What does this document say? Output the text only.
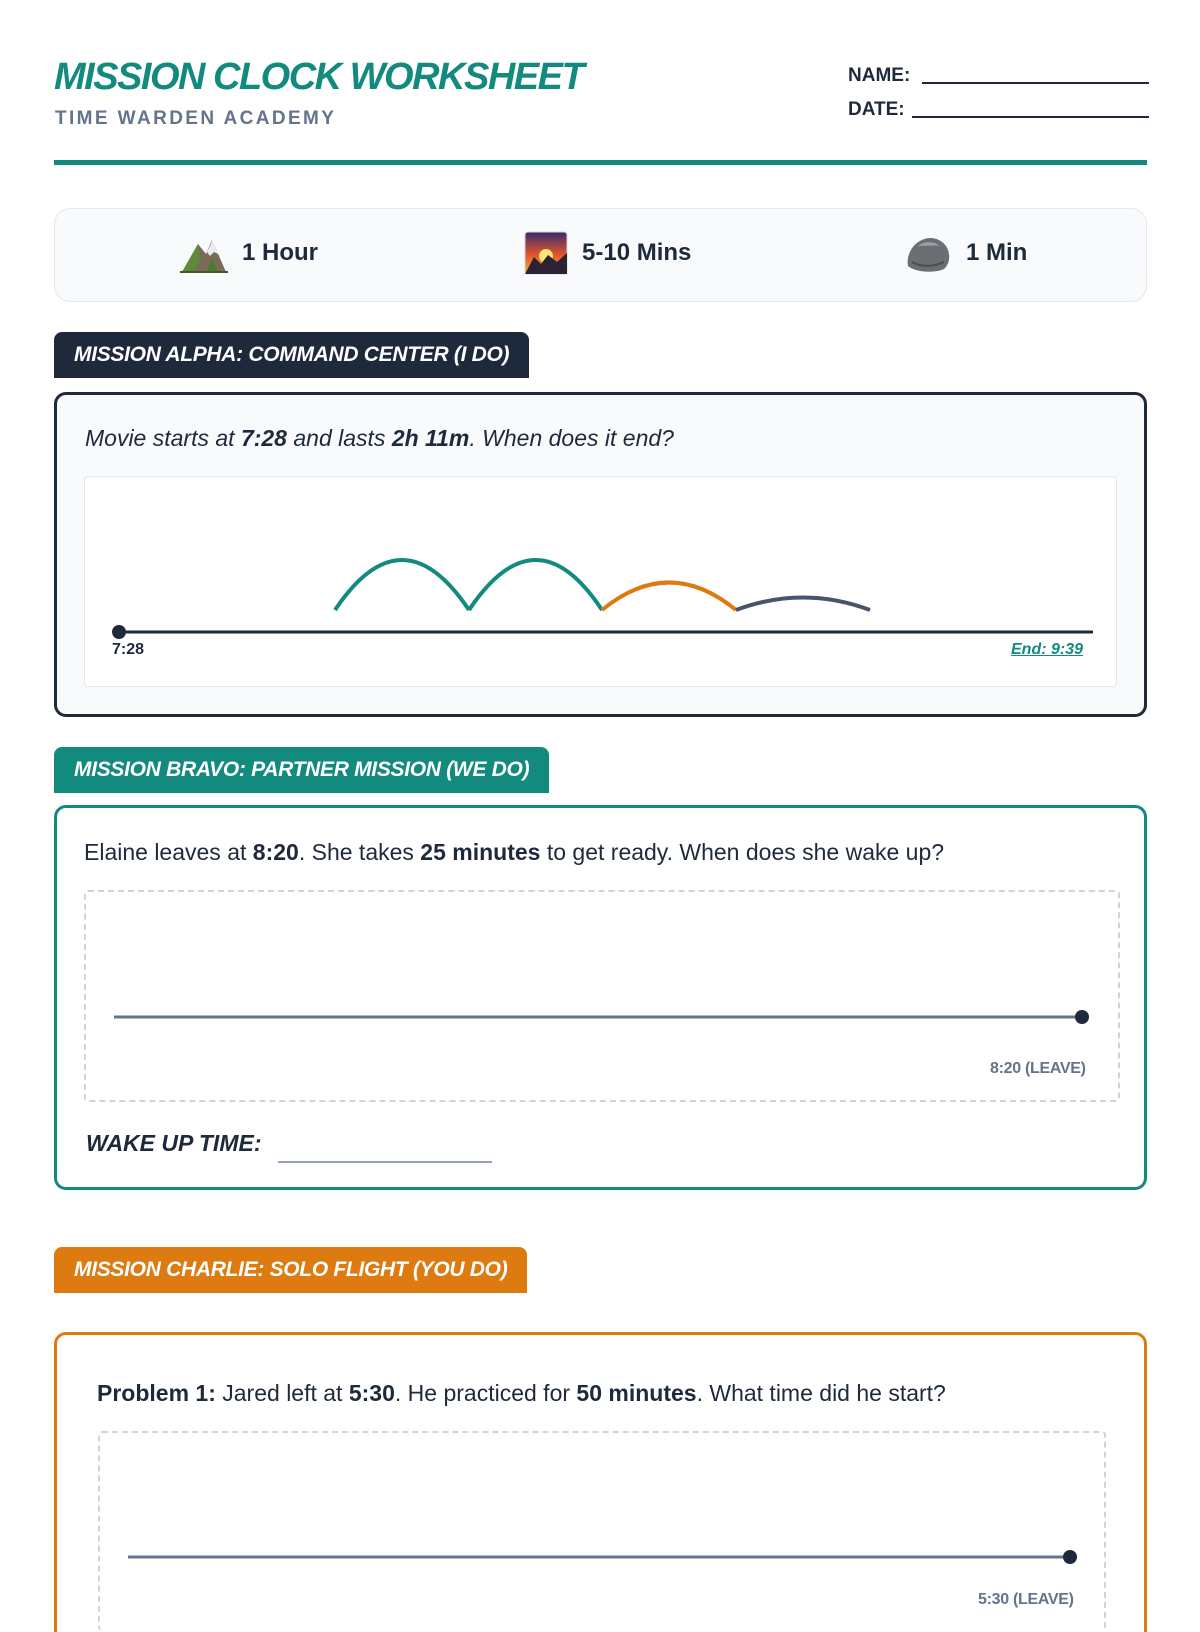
MISSION CLOCK WORKSHEET
TIME WARDEN ACADEMY
NAME:
DATE:
1 Hour	5-10 Mins	1 Min
MISSION ALPHA: COMMAND CENTER (I DO)
Movie starts at 7:28 and lasts 2h 11m. When does it end?
7:28	End: 9:39
MISSION BRAVO: PARTNER MISSION (WE DO)
Elaine leaves at 8:20. She takes 25 minutes to get ready. When does she wake up?
8:20 (LEAVE)
WAKE UP TIME:
MISSION CHARLIE: SOLO FLIGHT (YOU DO)
Problem 1: Jared left at 5:30. He practiced for 50 minutes. What time did he start?
5:30 (LEAVE)
